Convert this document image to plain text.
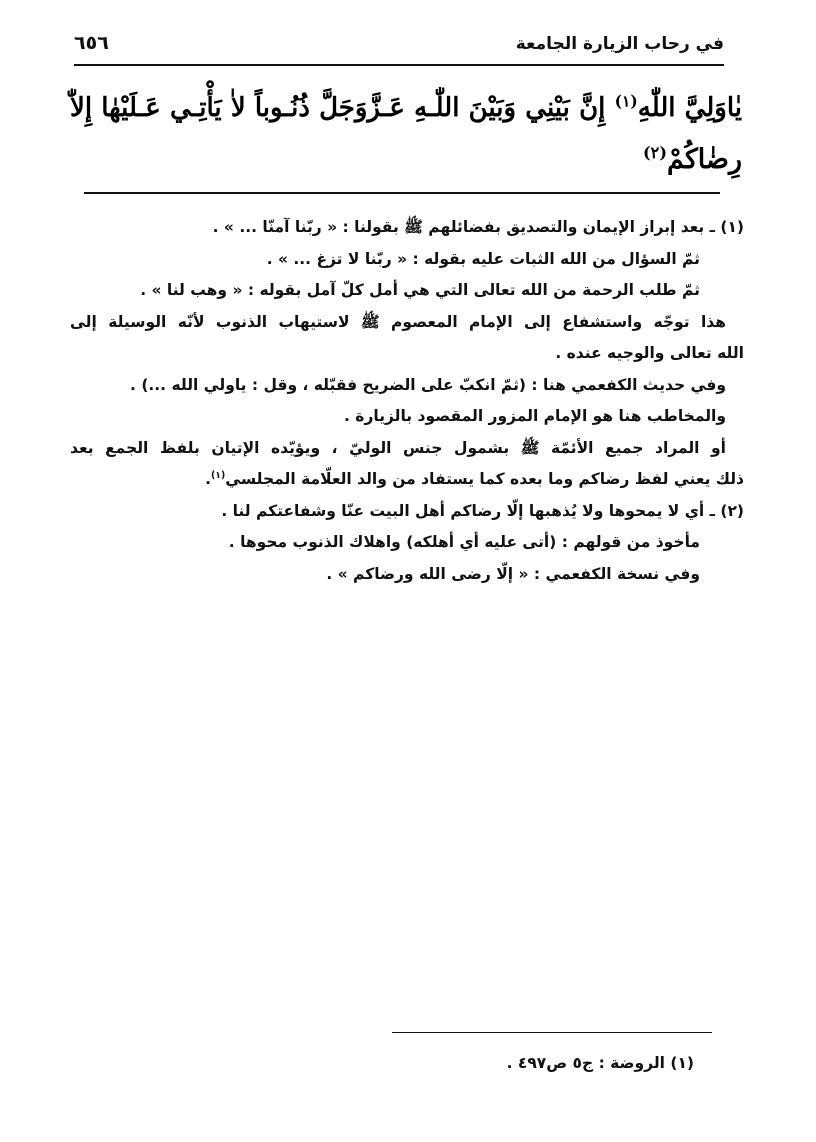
في رحاب الزيارة الجامعة
٦٥٦
يٰاوَلِيَّ اللّٰهِ$^{(١)}$ إِنَّ بَيْنِي وَبَيْنَ اللّٰـهِ عَـزَّوَجَلَّ ذُنُـوباً لاٰ يَأْتِـي عَـلَيْهٰا إِلاّٰ
رِضٰاكُمْ$^{(٢)}$
(١) ـ بعد إبراز الإيمان والتصديق بفضائلهم ﷺ بقولنا : « ربّنا آمنّا ... » .
ثمّ السؤال من الله الثبات عليه بقوله : « ربّنا لا تزغ ... » .
ثمّ طلب الرحمة من الله تعالى التي هي أمل كلّ آمل بقوله : « وهب لنا » .
هذا توجّه واستشفاع إلى الإمام المعصوم ﷺ لاستيهاب الذنوب لأنّه الوسيلة إلى
الله تعالى والوجيه عنده .
وفي حديث الكفعمي هنا : (ثمّ انكبّ على الضريح فقبّله ، وقل : ياولي الله ...) .
والمخاطب هنا هو الإمام المزور المقصود بالزيارة .
أو المراد جميع الأئمّة ﷺ بشمول جنس الوليّ ، ويؤيّده الإتيان بلفظ الجمع بعد
ذلك يعني لفظ رضاكم وما بعده كما يستفاد من والد العلّامة المجلسي$^{(١)}$.
(٢) ـ أي لا يمحوها ولا يُذهبها إلّا رضاكم أهل البيت عنّا وشفاعتكم لنا .
مأخوذ من قولهم : (أتى عليه أي أهلكه) واهلاك الذنوب محوها .
وفي نسخة الكفعمي : « إلّا رضى الله ورضاكم » .
(١) الروضة : ج٥ ص٤٩٧ .
